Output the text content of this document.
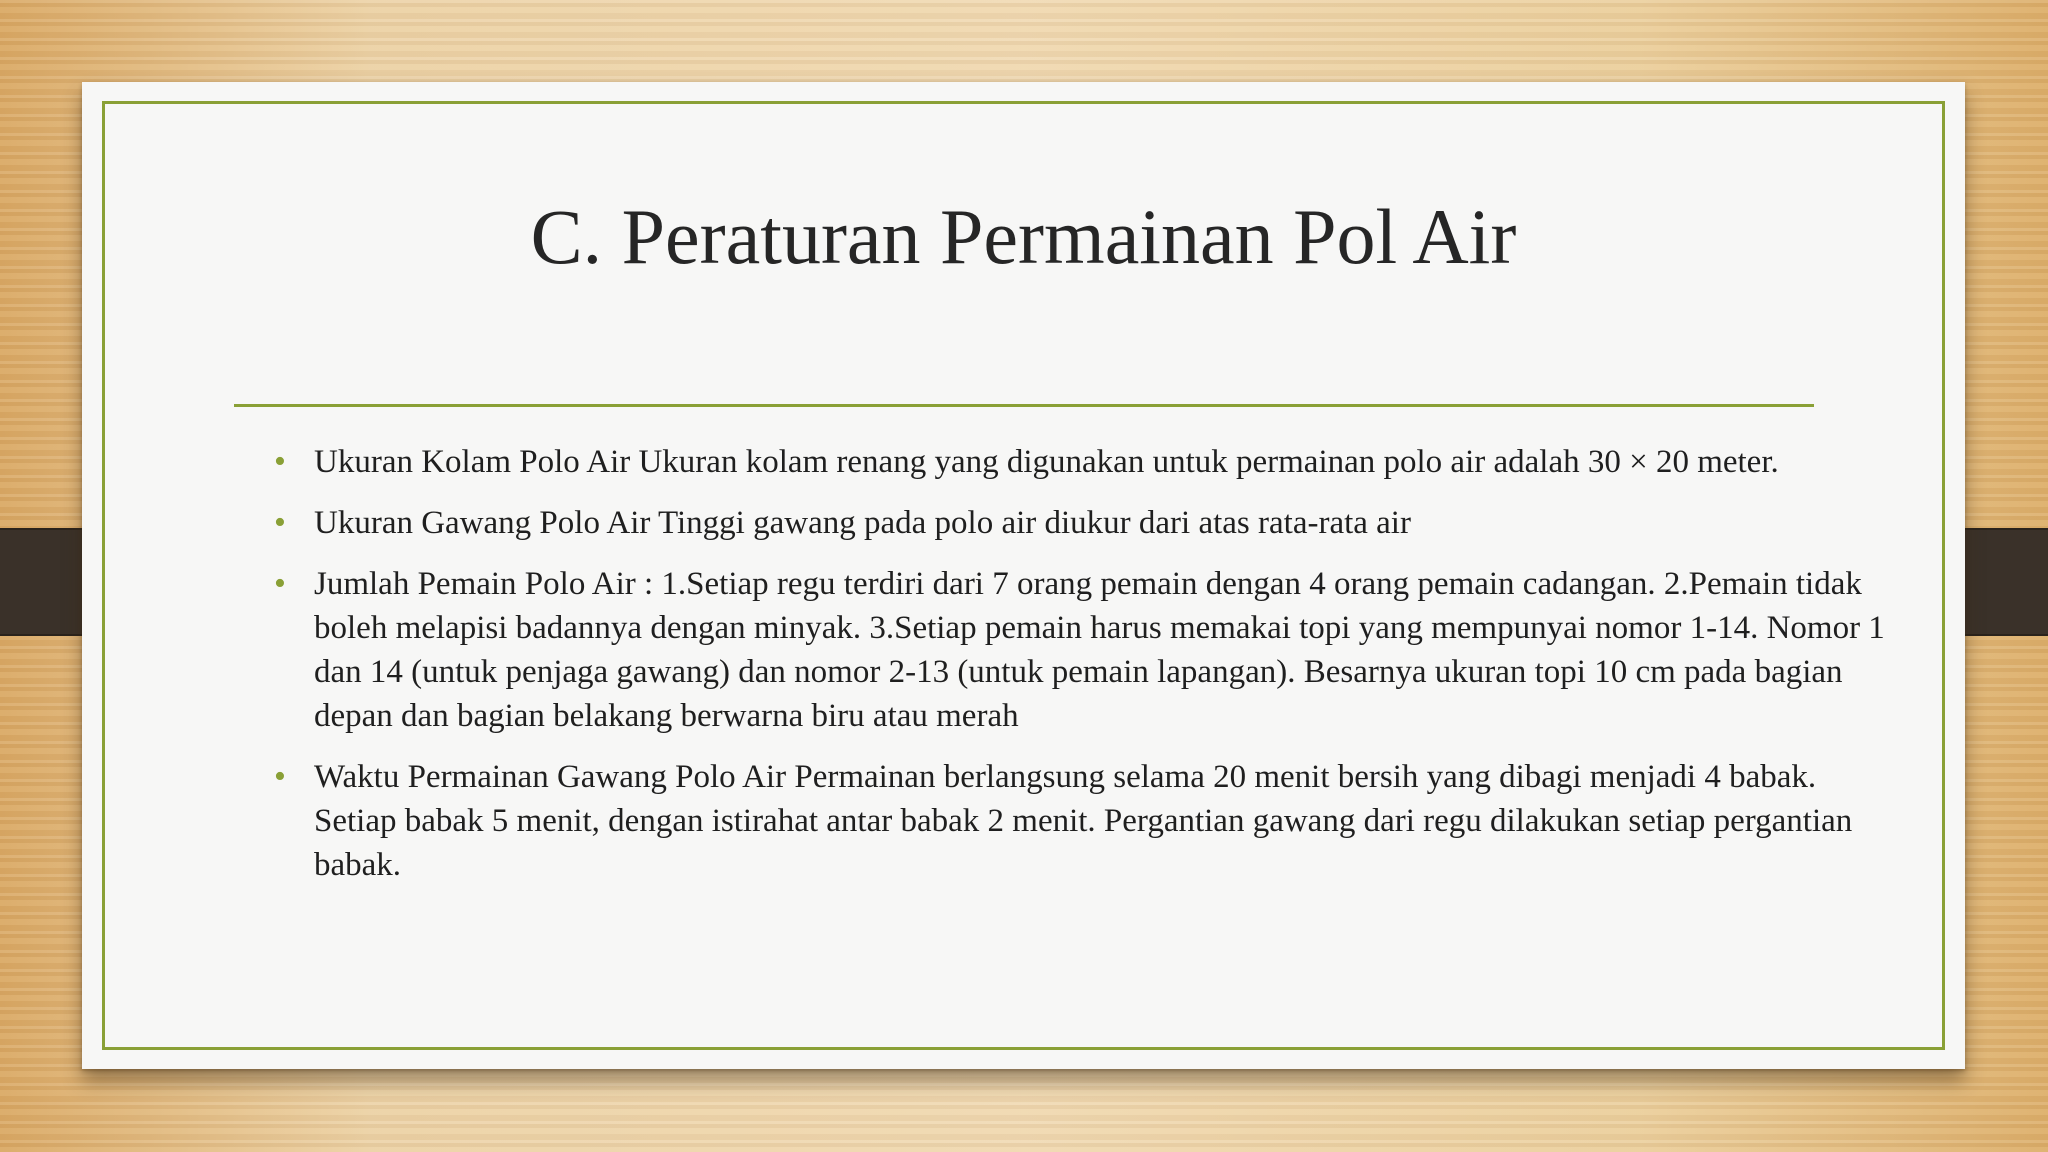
C. Peraturan Permainan Pol Air
• Ukuran Kolam Polo Air Ukuran kolam renang yang digunakan untuk permainan polo air adalah 30 × 20 meter.
• Ukuran Gawang Polo Air Tinggi gawang pada polo air diukur dari atas rata-rata air
• Jumlah Pemain Polo Air : 1.Setiap regu terdiri dari 7 orang pemain dengan 4 orang pemain cadangan. 2.Pemain tidak boleh melapisi badannya dengan minyak. 3.Setiap pemain harus memakai topi yang mempunyai nomor 1-14. Nomor 1 dan 14 (untuk penjaga gawang) dan nomor 2-13 (untuk pemain lapangan). Besarnya ukuran topi 10 cm pada bagian depan dan bagian belakang berwarna biru atau merah
• Waktu Permainan Gawang Polo Air Permainan berlangsung selama 20 menit bersih yang dibagi menjadi 4 babak. Setiap babak 5 menit, dengan istirahat antar babak 2 menit. Pergantian gawang dari regu dilakukan setiap pergantian babak.
